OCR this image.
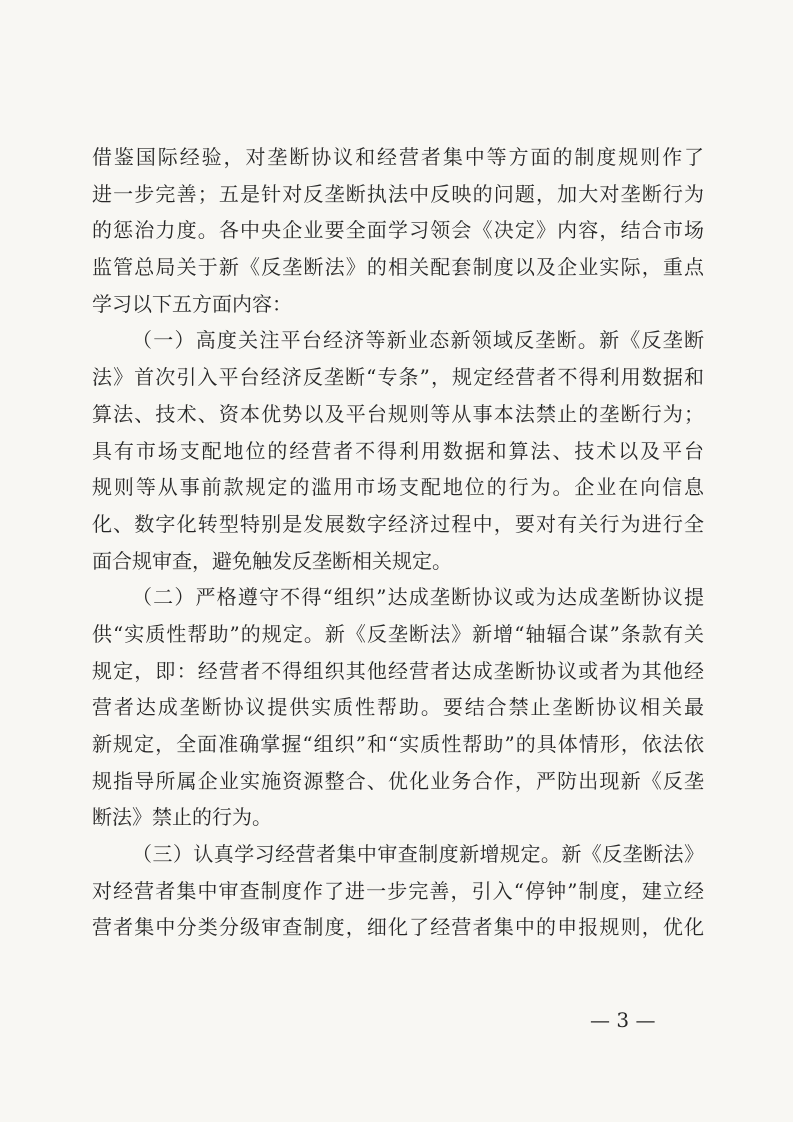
借鉴国际经验，对垄断协议和经营者集中等方面的制度规则作了
进一步完善；五是针对反垄断执法中反映的问题，加大对垄断行为
的惩治力度。各中央企业要全面学习领会《决定》内容，结合市场
监管总局关于新《反垄断法》的相关配套制度以及企业实际，重点
学习以下五方面内容：
（一）高度关注平台经济等新业态新领域反垄断。新《反垄断
法》首次引入平台经济反垄断“专条”，规定经营者不得利用数据和
算法、技术、资本优势以及平台规则等从事本法禁止的垄断行为；
具有市场支配地位的经营者不得利用数据和算法、技术以及平台
规则等从事前款规定的滥用市场支配地位的行为。企业在向信息
化、数字化转型特别是发展数字经济过程中，要对有关行为进行全
面合规审查，避免触发反垄断相关规定。
（二）严格遵守不得“组织”达成垄断协议或为达成垄断协议提
供“实质性帮助”的规定。新《反垄断法》新增“轴辐合谋”条款有关
规定，即：经营者不得组织其他经营者达成垄断协议或者为其他经
营者达成垄断协议提供实质性帮助。要结合禁止垄断协议相关最
新规定，全面准确掌握“组织”和“实质性帮助”的具体情形，依法依
规指导所属企业实施资源整合、优化业务合作，严防出现新《反垄
断法》禁止的行为。
（三）认真学习经营者集中审查制度新增规定。新《反垄断法》
对经营者集中审查制度作了进一步完善，引入“停钟”制度，建立经
营者集中分类分级审查制度，细化了经营者集中的申报规则，优化
— 3 —
